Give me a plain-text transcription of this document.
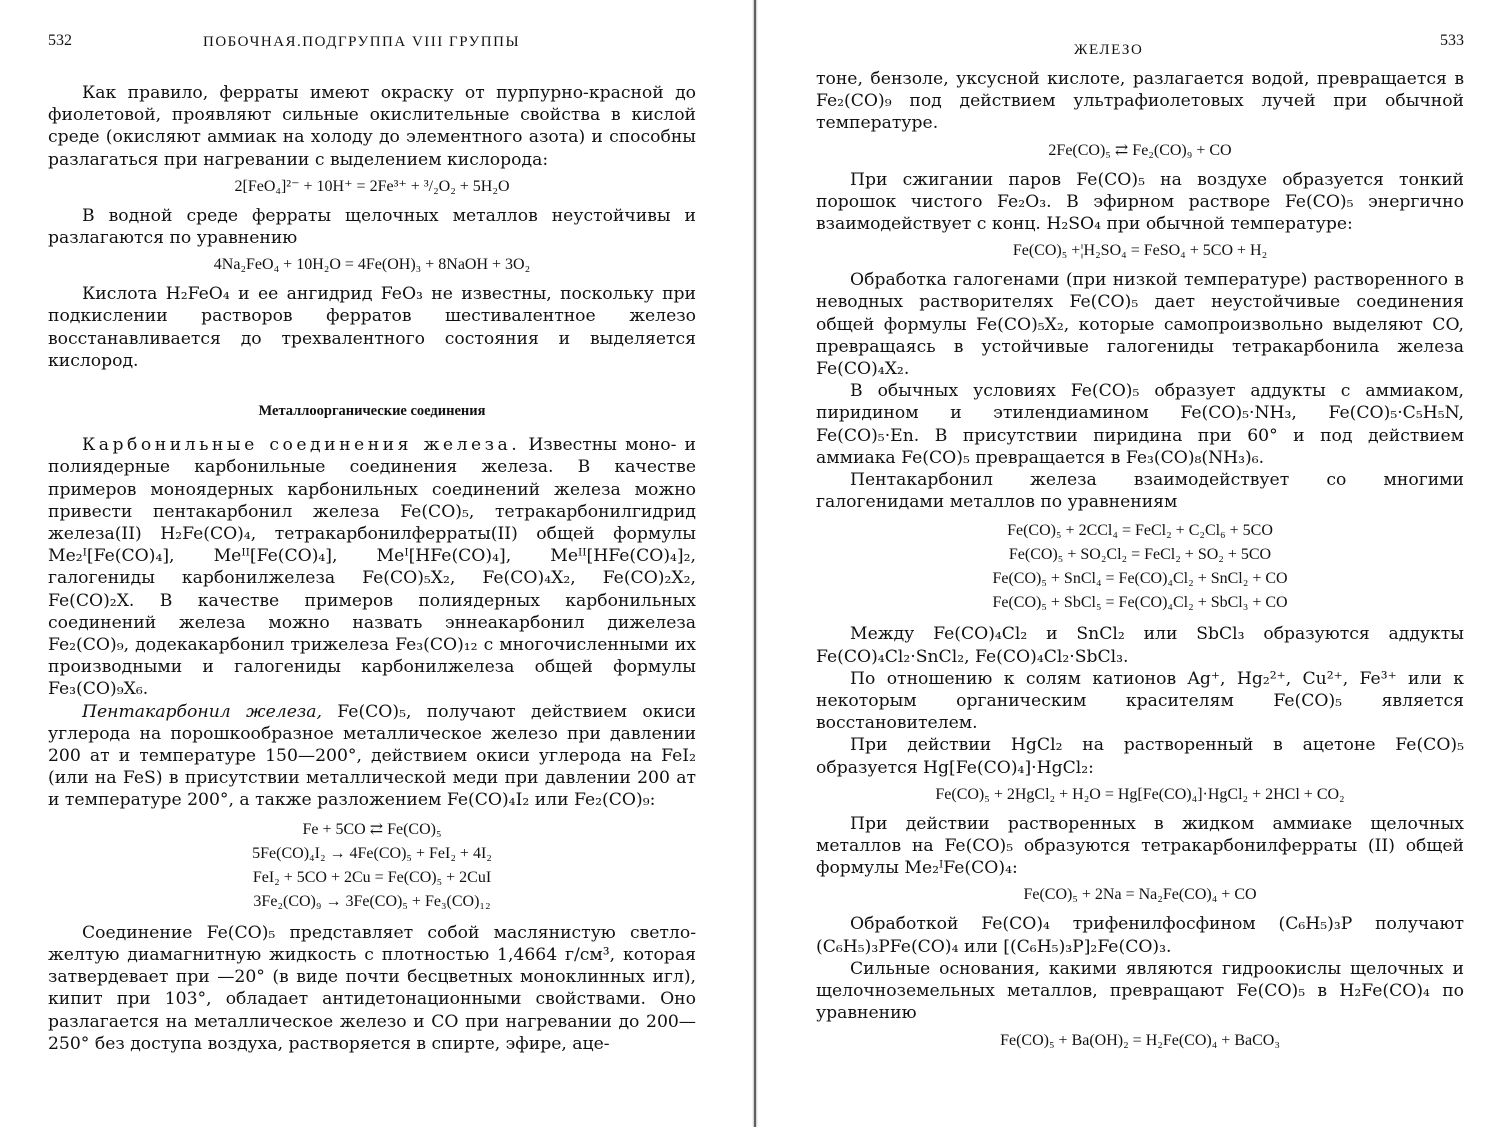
532	ПОБОЧНАЯ.ПОДГРУППА VIII ГРУППЫ

Как правило, ферраты имеют окраску от пурпурно-красной до фиолетовой, проявляют сильные окислительные свойства в кислой среде (окисляют аммиак на холоду до элементного азота) и способны разлагаться при нагревании с выделением кислорода:

2[FeO₄]²⁻ + 10H⁺ = 2Fe³⁺ + ³/₂O₂ + 5H₂O

В водной среде ферраты щелочных металлов неустойчивы и разлагаются по уравнению

4Na₂FeO₄ + 10H₂O = 4Fe(OH)₃ + 8NaOH + 3O₂

Кислота H₂FeO₄ и ее ангидрид FeO₃ не известны, поскольку при подкислении растворов ферратов шестивалентное железо восстанавливается до трехвалентного состояния и выделяется кислород.

Металлоорганические соединения

Карбонильные соединения железа. Известны моно- и полиядерные карбонильные соединения железа. В качестве примеров моноядерных карбонильных соединений железа можно привести пентакарбонил железа Fe(CO)₅, тетракарбонилгидрид железа(II) H₂Fe(CO)₄, тетракарбонилферраты(II) общей формулы Me₂ᴵ[Fe(CO)₄], Meᴵᴵ[Fe(CO)₄], Meᴵ[HFe(CO)₄], Meᴵᴵ[HFe(CO)₄]₂, галогениды карбонилжелеза Fe(CO)₅X₂, Fe(CO)₄X₂, Fe(CO)₂X₂, Fe(CO)₂X. В качестве примеров полиядерных карбонильных соединений железа можно назвать эннеакарбонил дижелеза Fe₂(CO)₉, додекакарбонил трижелеза Fe₃(CO)₁₂ с многочисленными их производными и галогениды карбонилжелеза общей формулы Fe₃(CO)₉X₆.

Пентакарбонил железа, Fe(CO)₅, получают действием окиси углерода на порошкообразное металлическое железо при давлении 200 ат и температуре 150—200°, действием окиси углерода на FeI₂ (или на FeS) в присутствии металлической меди при давлении 200 ат и температуре 200°, а также разложением Fe(CO)₄I₂ или Fe₂(CO)₉:

Fe + 5CO ⇄ Fe(CO)₅
5Fe(CO)₄I₂ → 4Fe(CO)₅ + FeI₂ + 4I₂
FeI₂ + 5CO + 2Cu = Fe(CO)₅ + 2CuI
3Fe₂(CO)₉ → 3Fe(CO)₅ + Fe₃(CO)₁₂

Соединение Fe(CO)₅ представляет собой маслянистую светло-желтую диамагнитную жидкость с плотностью 1,4664 г/см³, которая затвердевает при —20° (в виде почти бесцветных моноклинных игл), кипит при 103°, обладает антидетонационными свойствами. Оно разлагается на металлическое железо и CO при нагревании до 200—250° без доступа воздуха, растворяется в спирте, эфире, аце-

ЖЕЛЕЗО
533

тоне, бензоле, уксусной кислоте, разлагается водой, превращается в Fe₂(CO)₉ под действием ультрафиолетовых лучей при обычной температуре.

2Fe(CO)₅ ⇄ Fe₂(CO)₉ + CO

При сжигании паров Fe(CO)₅ на воздухе образуется тонкий порошок чистого Fe₂O₃. В эфирном растворе Fe(CO)₅ энергично взаимодействует с конц. H₂SO₄ при обычной температуре:

Fe(CO)₅ +¦H₂SO₄ = FeSO₄ + 5CO + H₂

Обработка галогенами (при низкой температуре) растворенного в неводных растворителях Fe(CO)₅ дает неустойчивые соединения общей формулы Fe(CO)₅X₂, которые самопроизвольно выделяют CO, превращаясь в устойчивые галогениды тетракарбонила железа Fe(CO)₄X₂.

В обычных условиях Fe(CO)₅ образует аддукты с аммиаком, пиридином и этилендиамином Fe(CO)₅·NH₃, Fe(CO)₅·C₅H₅N, Fe(CO)₅·En. В присутствии пиридина при 60° и под действием аммиака Fe(CO)₅ превращается в Fe₃(CO)₈(NH₃)₆.

Пентакарбонил железа взаимодействует со многими галогенидами металлов по уравнениям

Fe(CO)₅ + 2CCl₄ = FeCl₂ + C₂Cl₆ + 5CO
Fe(CO)₅ + SO₂Cl₂ = FeCl₂ + SO₂ + 5CO
Fe(CO)₅ + SnCl₄ = Fe(CO)₄Cl₂ + SnCl₂ + CO
Fe(CO)₅ + SbCl₅ = Fe(CO)₄Cl₂ + SbCl₃ + CO

Между Fe(CO)₄Cl₂ и SnCl₂ или SbCl₃ образуются аддукты Fe(CO)₄Cl₂·SnCl₂, Fe(CO)₄Cl₂·SbCl₃.

По отношению к солям катионов Ag⁺, Hg₂²⁺, Cu²⁺, Fe³⁺ или к некоторым органическим красителям Fe(CO)₅ является восстановителем.

При действии HgCl₂ на растворенный в ацетоне Fe(CO)₅ образуется Hg[Fe(CO)₄]·HgCl₂:

Fe(CO)₅ + 2HgCl₂ + H₂O = Hg[Fe(CO)₄]·HgCl₂ + 2HCl + CO₂

При действии растворенных в жидком аммиаке щелочных металлов на Fe(CO)₅ образуются тетракарбонилферраты (II) общей формулы Me₂ᴵFe(CO)₄:

Fe(CO)₅ + 2Na = Na₂Fe(CO)₄ + CO

Обработкой Fe(CO)₄ трифенилфосфином (C₆H₅)₃P получают (C₆H₅)₃PFe(CO)₄ или [(C₆H₅)₃P]₂Fe(CO)₃.

Сильные основания, какими являются гидроокислы щелочных и щелочноземельных металлов, превращают Fe(CO)₅ в H₂Fe(CO)₄ по уравнению

Fe(CO)₅ + Ba(OH)₂ = H₂Fe(CO)₄ + BaCO₃
